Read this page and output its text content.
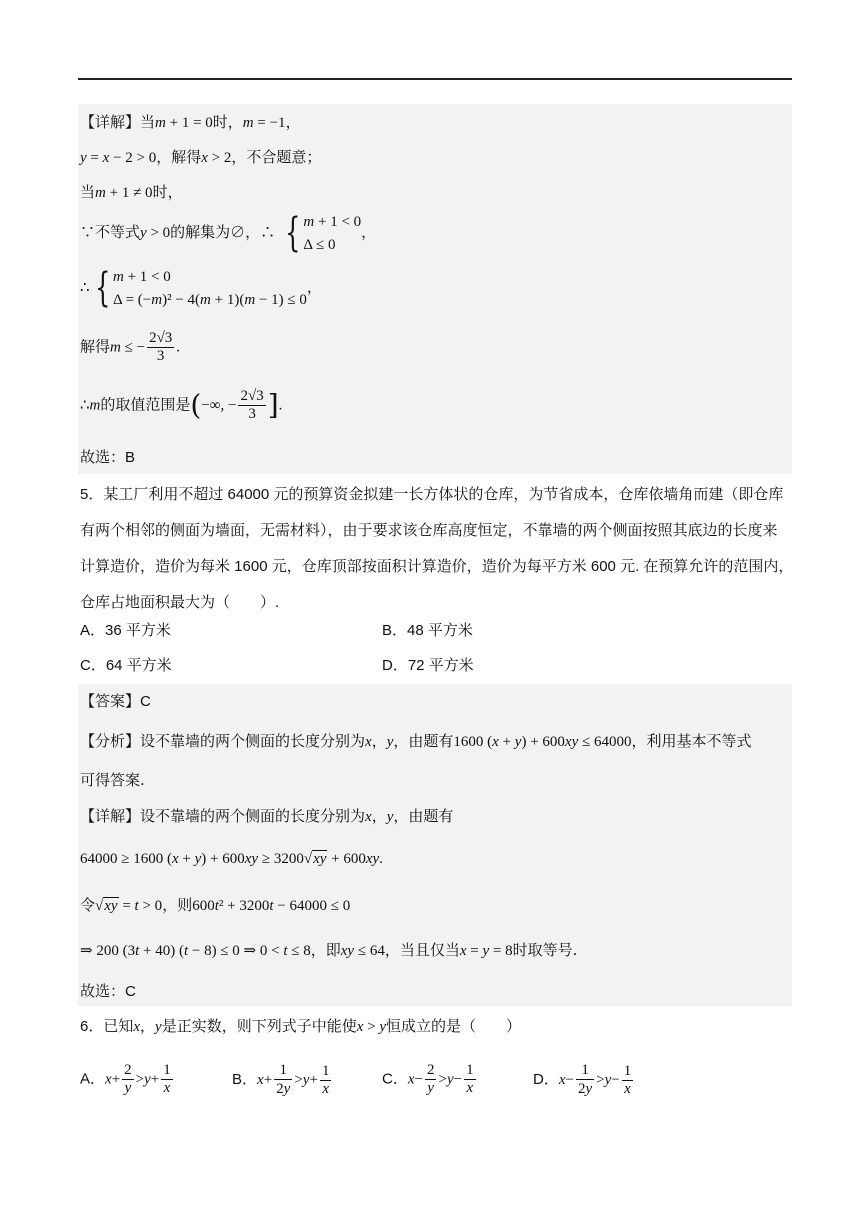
【详解】当m + 1 = 0时，m = −1，
y = x − 2 > 0，解得x > 2，不合题意；
当m + 1 ≠ 0时，
∵不等式y > 0的解集为∅，∴ { m + 1 < 0
Δ ≤ 0
，
∴ { m + 1 < 0
Δ = (−m)² − 4(m + 1)(m − 1) ≤ 0
，
解得m ≤ − $\frac{2√3}{3}$ .
∴m的取值范围是(−∞, − $\frac{2√3}{3}$ ].
故选：B
5．某工厂利用不超过 64000 元的预算资金拟建一长方体状的仓库，为节省成本，仓库依墙角而建（即仓库
有两个相邻的侧面为墙面，无需材料），由于要求该仓库高度恒定，不靠墙的两个侧面按照其底边的长度来
计算造价，造价为每米 1600 元，仓库顶部按面积计算造价，造价为每平方米 600 元. 在预算允许的范围内，
仓库占地面积最大为（　　）.
A．36 平方米	B．48 平方米
C．64 平方米	D．72 平方米
【答案】C
【分析】设不靠墙的两个侧面的长度分别为x，y，由题有1600 (x + y) + 600xy ≤ 64000，利用基本不等式
可得答案.
【详解】设不靠墙的两个侧面的长度分别为x，y，由题有
64000 ≥ 1600 (x + y) + 600xy ≥ 3200√xy + 600xy.
令√xy = t > 0，则600t² + 3200t − 64000 ≤ 0
⇒ 200 (3t + 40) (t − 8) ≤ 0 ⇒ 0 < t ≤ 8，即xy ≤ 64，当且仅当x = y = 8时取等号.
故选：C
6．已知x，y是正实数，则下列式子中能使x > y恒成立的是（　　）
A．$x+ \frac{2}{y} >y+ \frac{1}{x}$	B．$x+ \frac{1}{2y} >y+ \frac{1}{x}$	C．$x- \frac{2}{y} >y- \frac{1}{x}$	D．$x- \frac{1}{2y} >y- \frac{1}{x}$
